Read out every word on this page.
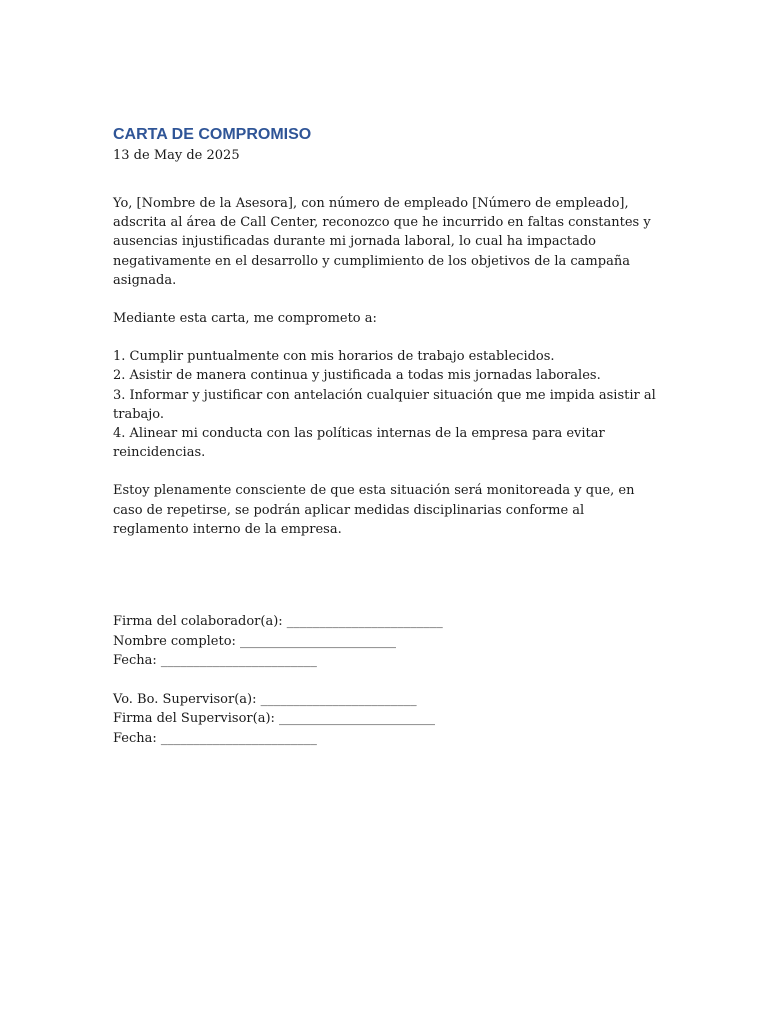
CARTA DE COMPROMISO

13 de May de 2025

Yo, [Nombre de la Asesora], con número de empleado [Número de empleado], adscrita al área de Call Center, reconozco que he incurrido en faltas constantes y ausencias injustificadas durante mi jornada laboral, lo cual ha impactado negativamente en el desarrollo y cumplimiento de los objetivos de la campaña asignada.

Mediante esta carta, me comprometo a:

1. Cumplir puntualmente con mis horarios de trabajo establecidos.
2. Asistir de manera continua y justificada a todas mis jornadas laborales.
3. Informar y justificar con antelación cualquier situación que me impida asistir al trabajo.
4. Alinear mi conducta con las políticas internas de la empresa para evitar reincidencias.

Estoy plenamente consciente de que esta situación será monitoreada y que, en caso de repetirse, se podrán aplicar medidas disciplinarias conforme al reglamento interno de la empresa.

Firma del colaborador(a): ________________________
Nombre completo: ________________________
Fecha: ________________________
Vo. Bo. Supervisor(a): ________________________
Firma del Supervisor(a): ________________________
Fecha: ________________________
